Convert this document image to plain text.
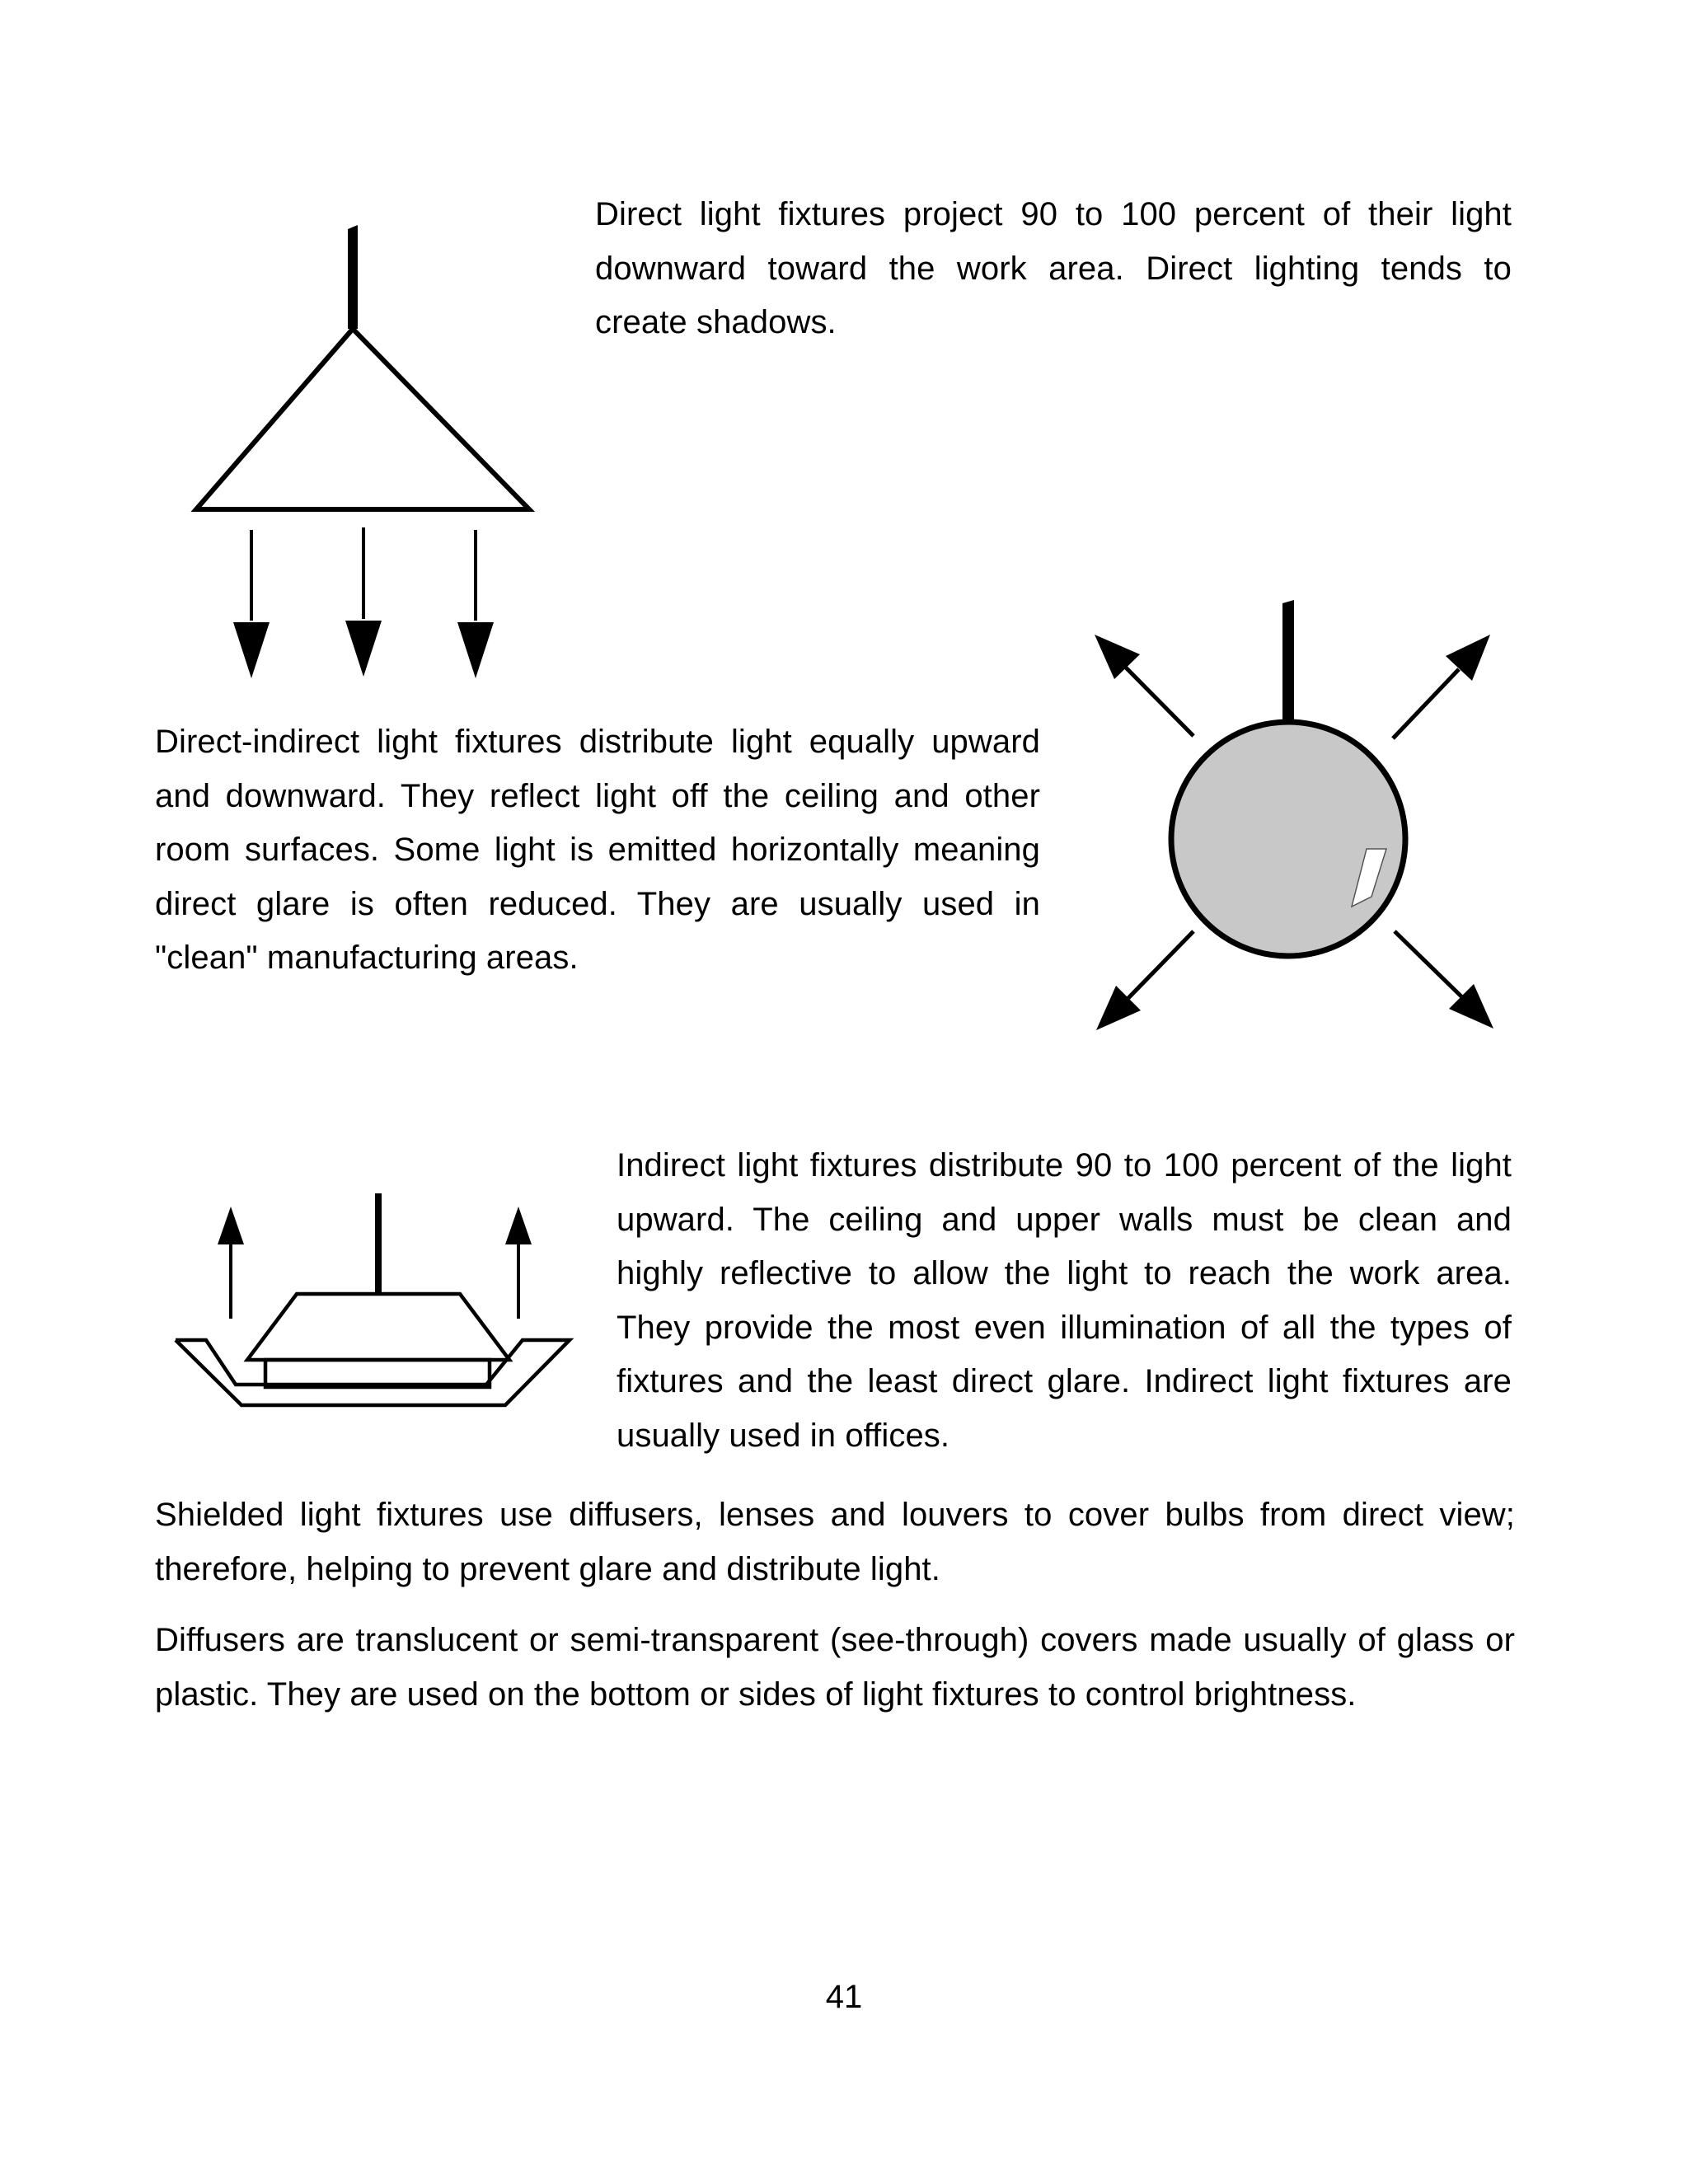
Direct light fixtures project 90 to 100 percent of their light downward toward the work area. Direct lighting tends to create shadows.

Direct-indirect light fixtures distribute light equally upward and downward. They reflect light off the ceiling and other room surfaces. Some light is emitted horizontally meaning direct glare is often reduced. They are usually used in "clean" manufacturing areas.

Indirect light fixtures distribute 90 to 100 percent of the light upward. The ceiling and upper walls must be clean and highly reflective to allow the light to reach the work area. They provide the most even illumination of all the types of fixtures and the least direct glare. Indirect light fixtures are usually used in offices.

Shielded light fixtures use diffusers, lenses and louvers to cover bulbs from direct view; therefore, helping to prevent glare and distribute light.

Diffusers are translucent or semi-transparent (see-through) covers made usually of glass or plastic. They are used on the bottom or sides of light fixtures to control brightness.

41
